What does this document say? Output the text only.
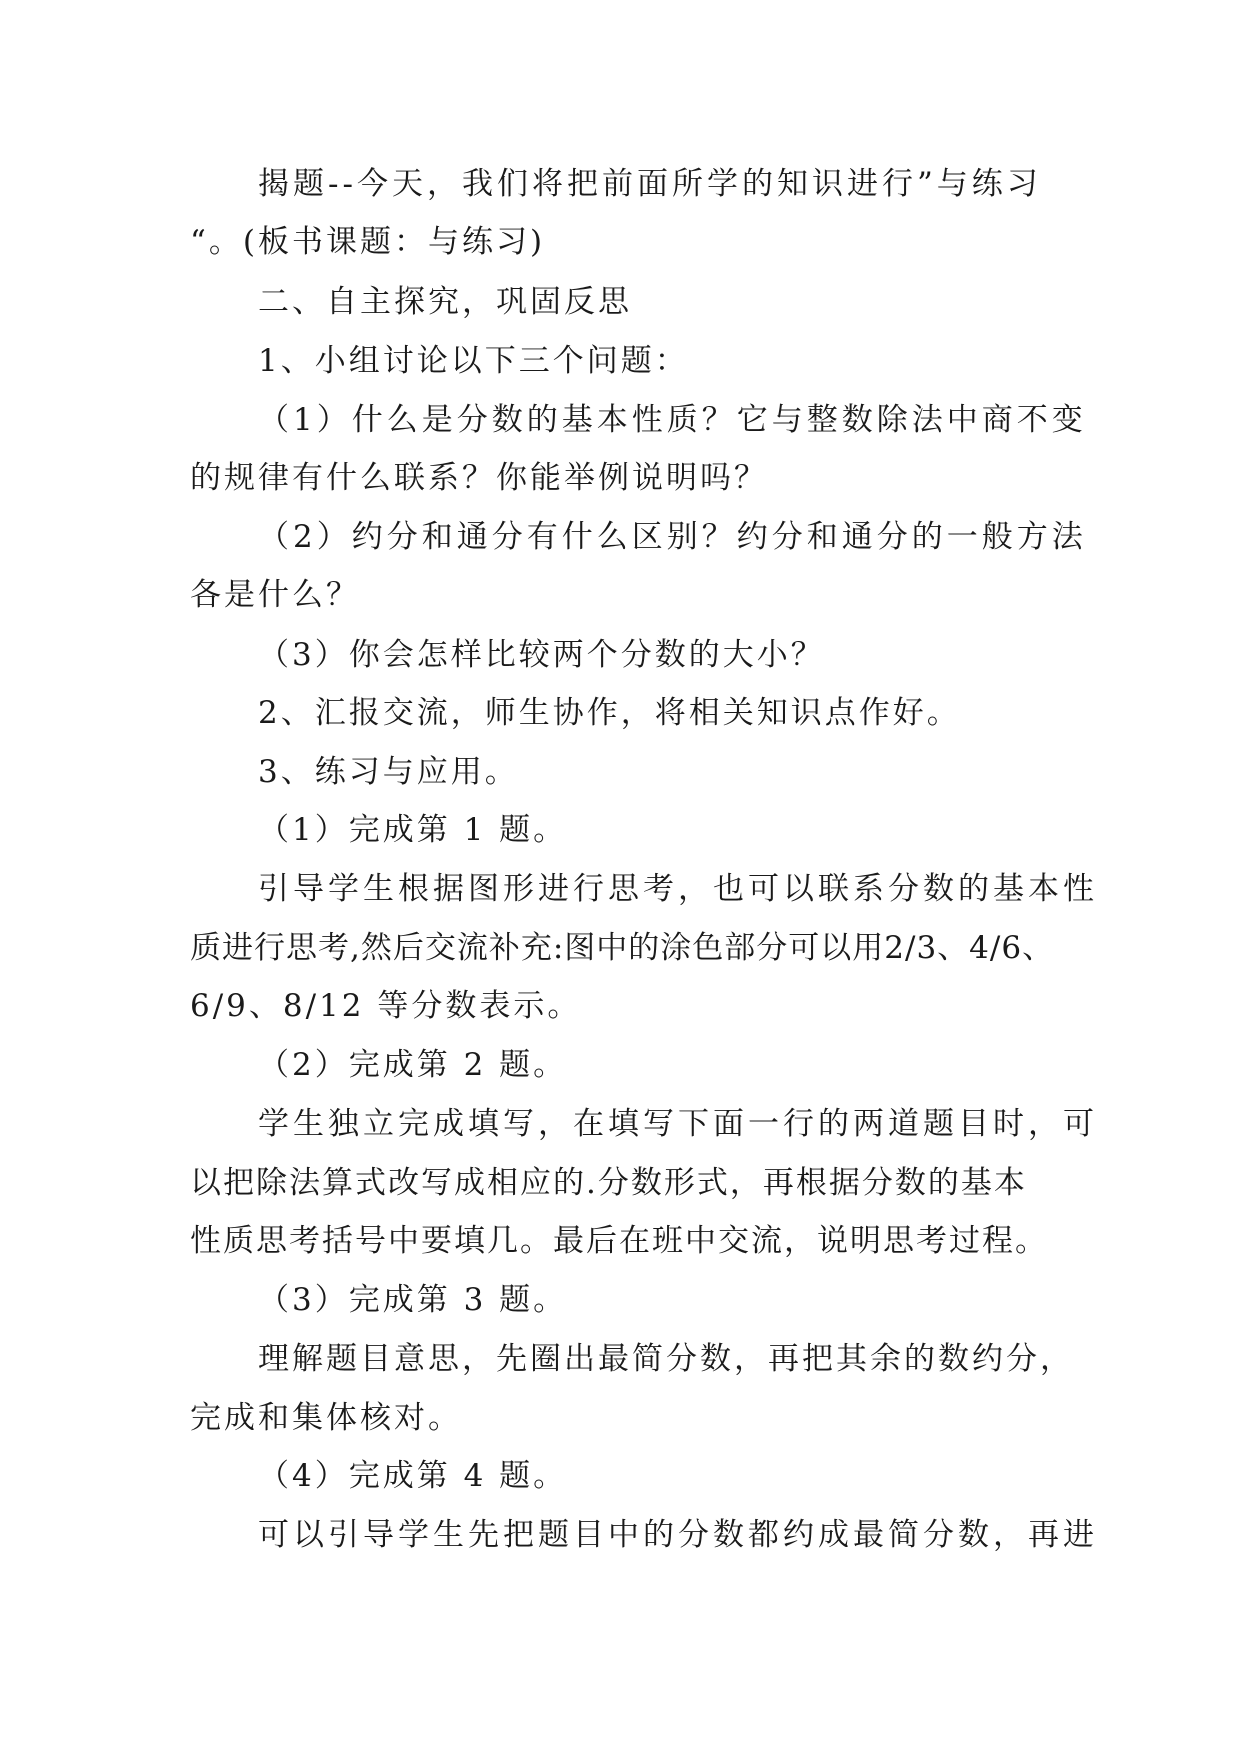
揭题--今天，我们将把前面所学的知识进行”与练习
“。(板书课题：与练习)
二、自主探究，巩固反思
1、小组讨论以下三个问题：
（1）什么是分数的基本性质？它与整数除法中商不变
的规律有什么联系？你能举例说明吗？
（2）约分和通分有什么区别？约分和通分的一般方法
各是什么？
（3）你会怎样比较两个分数的大小？
2、汇报交流，师生协作，将相关知识点作好。
3、练习与应用。
（1）完成第 1 题。
引导学生根据图形进行思考，也可以联系分数的基本性
质进行思考,然后交流补充:图中的涂色部分可以用2/3、4/6、
6/9、8/12 等分数表示。
（2）完成第 2 题。
学生独立完成填写，在填写下面一行的两道题目时，可
以把除法算式改写成相应的.分数形式，再根据分数的基本
性质思考括号中要填几。最后在班中交流，说明思考过程。
（3）完成第 3 题。
理解题目意思，先圈出最简分数，再把其余的数约分，
完成和集体核对。
（4）完成第 4 题。
可以引导学生先把题目中的分数都约成最简分数，再进
